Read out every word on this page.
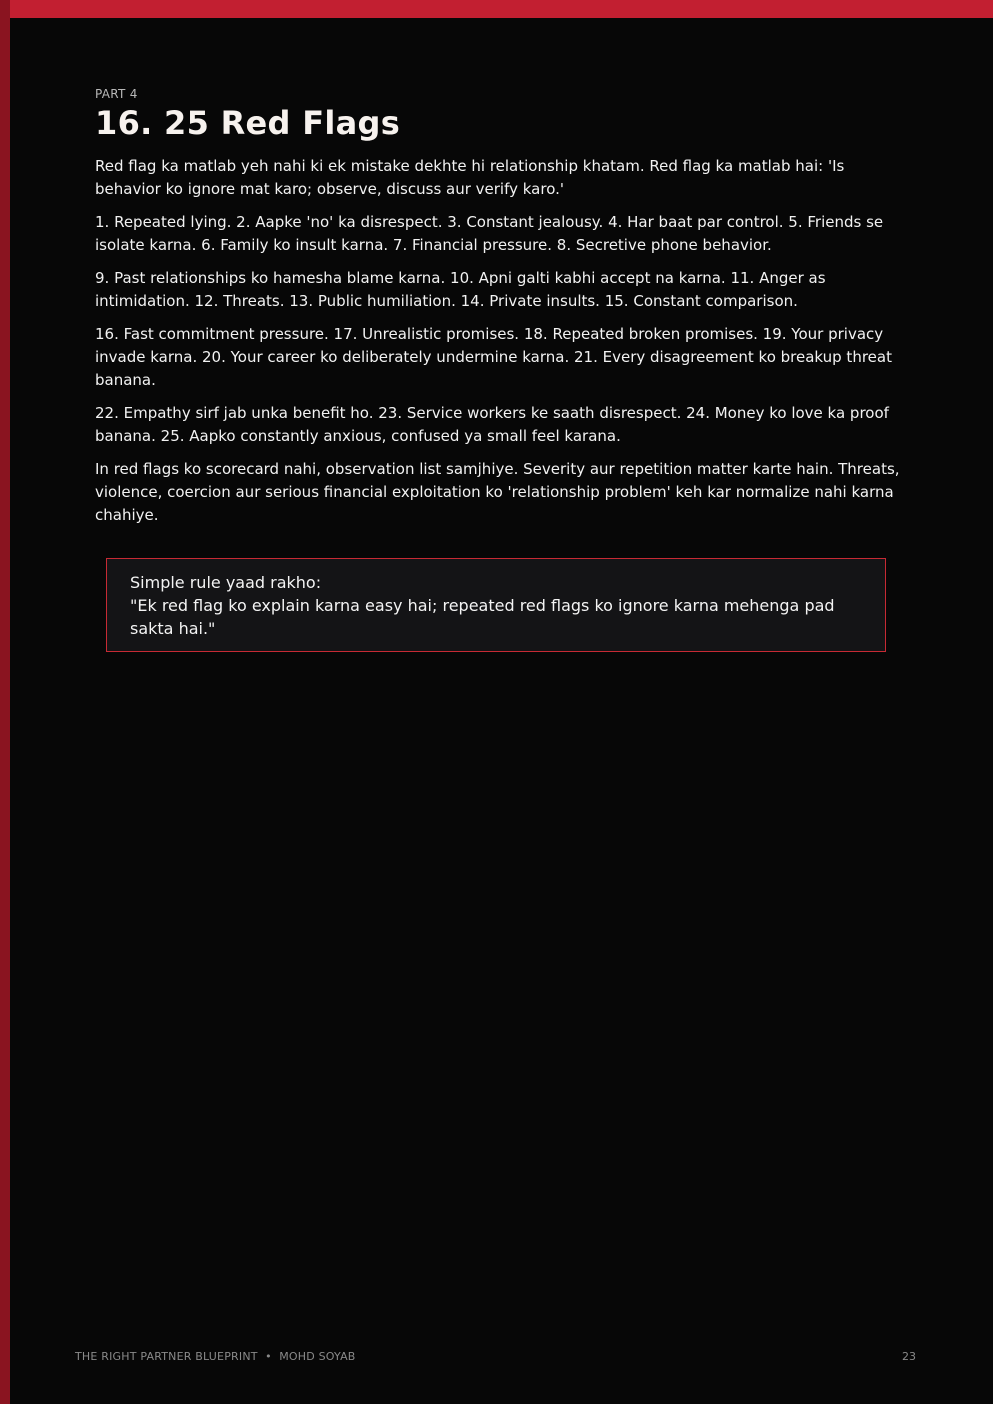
PART 4

16. 25 Red Flags

Red flag ka matlab yeh nahi ki ek mistake dekhte hi relationship khatam. Red flag ka matlab hai: 'Is behavior ko ignore mat karo; observe, discuss aur verify karo.'

1. Repeated lying. 2. Aapke 'no' ka disrespect. 3. Constant jealousy. 4. Har baat par control. 5. Friends se isolate karna. 6. Family ko insult karna. 7. Financial pressure. 8. Secretive phone behavior.

9. Past relationships ko hamesha blame karna. 10. Apni galti kabhi accept na karna. 11. Anger as intimidation. 12. Threats. 13. Public humiliation. 14. Private insults. 15. Constant comparison.

16. Fast commitment pressure. 17. Unrealistic promises. 18. Repeated broken promises. 19. Your privacy invade karna. 20. Your career ko deliberately undermine karna. 21. Every disagreement ko breakup threat banana.

22. Empathy sirf jab unka benefit ho. 23. Service workers ke saath disrespect. 24. Money ko love ka proof banana. 25. Aapko constantly anxious, confused ya small feel karana.

In red flags ko scorecard nahi, observation list samjhiye. Severity aur repetition matter karte hain. Threats, violence, coercion aur serious financial exploitation ko 'relationship problem' keh kar normalize nahi karna chahiye.

Simple rule yaad rakho:

"Ek red flag ko explain karna easy hai; repeated red flags ko ignore karna mehenga pad sakta hai."

THE RIGHT PARTNER BLUEPRINT • MOHD SOYAB	23
